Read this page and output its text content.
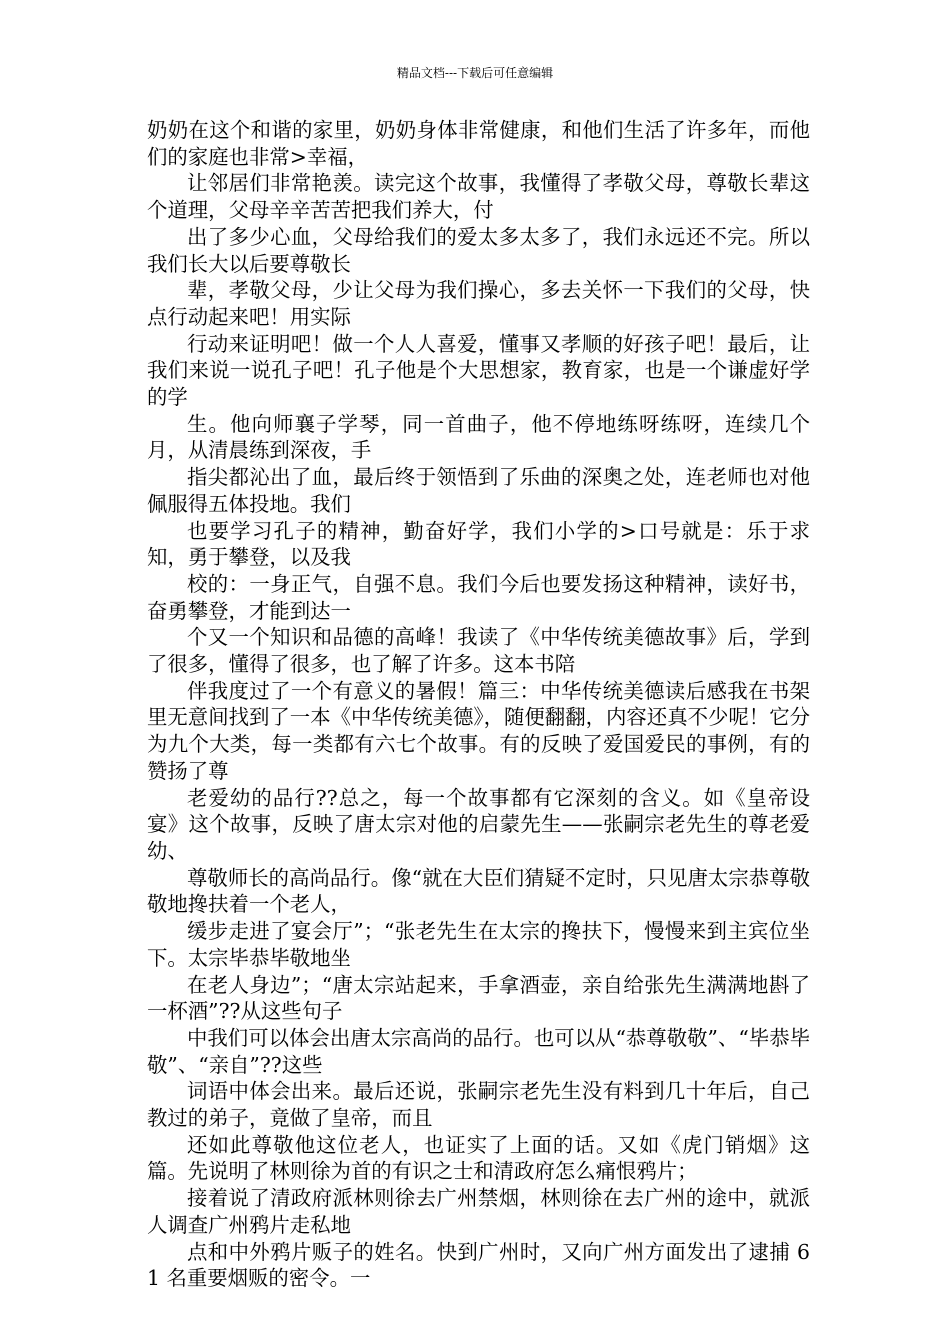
精品文档---下载后可任意编辑

奶奶在这个和谐的家里，奶奶身体非常健康，和他们生活了许多年，而他们的家庭也非常>幸福，

让邻居们非常艳羡。读完这个故事，我懂得了孝敬父母，尊敬长辈这个道理，父母辛辛苦苦把我们养大，付

出了多少心血，父母给我们的爱太多太多了，我们永远还不完。所以我们长大以后要尊敬长

辈，孝敬父母，少让父母为我们操心，多去关怀一下我们的父母，快点行动起来吧！用实际

行动来证明吧！做一个人人喜爱，懂事又孝顺的好孩子吧！最后，让我们来说一说孔子吧！孔子他是个大思想家，教育家，也是一个谦虚好学的学

生。他向师襄子学琴，同一首曲子，他不停地练呀练呀，连续几个月，从清晨练到深夜，手

指尖都沁出了血，最后终于领悟到了乐曲的深奥之处，连老师也对他佩服得五体投地。我们

也要学习孔子的精神，勤奋好学，我们小学的>口号就是：乐于求知，勇于攀登，以及我

校的：一身正气，自强不息。我们今后也要发扬这种精神，读好书，奋勇攀登，才能到达一

个又一个知识和品德的高峰！我读了《中华传统美德故事》后，学到了很多，懂得了很多，也了解了许多。这本书陪

伴我度过了一个有意义的暑假！篇三：中华传统美德读后感我在书架里无意间找到了一本《中华传统美德》，随便翻翻，内容还真不少呢！它分为九个大类，每一类都有六七个故事。有的反映了爱国爱民的事例，有的赞扬了尊

老爱幼的品行??总之，每一个故事都有它深刻的含义。如《皇帝设宴》这个故事，反映了唐太宗对他的启蒙先生——张嗣宗老先生的尊老爱幼、

尊敬师长的高尚品行。像“就在大臣们猜疑不定时，只见唐太宗恭尊敬敬地搀扶着一个老人，

缓步走进了宴会厅”；“张老先生在太宗的搀扶下，慢慢来到主宾位坐下。太宗毕恭毕敬地坐

在老人身边”；“唐太宗站起来，手拿酒壶，亲自给张先生满满地斟了一杯酒”??从这些句子

中我们可以体会出唐太宗高尚的品行。也可以从“恭尊敬敬”、“毕恭毕敬”、“亲自”??这些

词语中体会出来。最后还说，张嗣宗老先生没有料到几十年后，自己教过的弟子，竟做了皇帝，而且

还如此尊敬他这位老人，也证实了上面的话。又如《虎门销烟》这篇。先说明了林则徐为首的有识之士和清政府怎么痛恨鸦片；

接着说了清政府派林则徐去广州禁烟，林则徐在去广州的途中，就派人调查广州鸦片走私地

点和中外鸦片贩子的姓名。快到广州时，又向广州方面发出了逮捕 61 名重要烟贩的密令。一
